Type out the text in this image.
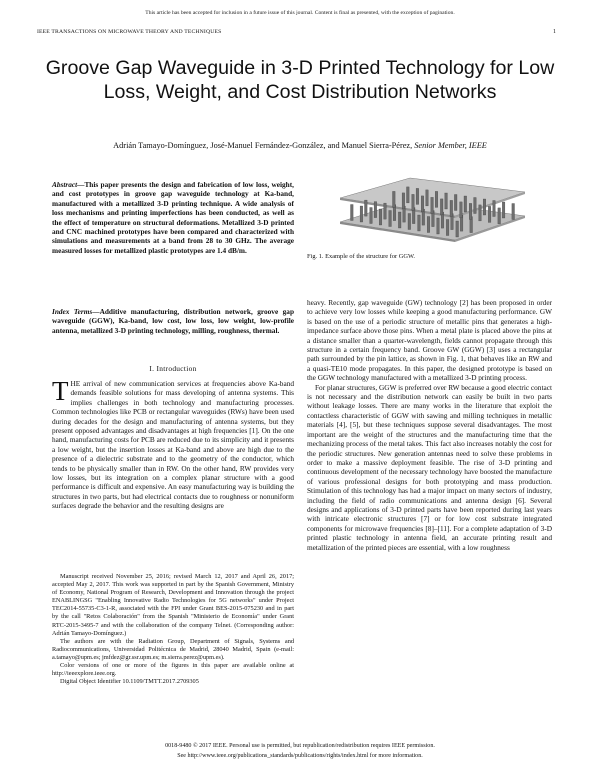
This article has been accepted for inclusion in a future issue of this journal. Content is final as presented, with the exception of pagination.
IEEE TRANSACTIONS ON MICROWAVE THEORY AND TECHNIQUES	1
Groove Gap Waveguide in 3-D Printed Technology for Low Loss, Weight, and Cost Distribution Networks
Adrián Tamayo-Domínguez, José-Manuel Fernández-González, and Manuel Sierra-Pérez, Senior Member, IEEE
Abstract—This paper presents the design and fabrication of low loss, weight, and cost prototypes in groove gap waveguide technology at Ka-band, manufactured with a metallized 3-D printing technique. A wide analysis of loss mechanisms and printing imperfections has been conducted, as well as the effect of temperature on structural deformations. Metallized 3-D printed and CNC machined prototypes have been compared and characterized with simulations and measurements at a band from 28 to 30 GHz. The average measured losses for metallized plastic prototypes are 1.4 dB/m.
Index Terms—Additive manufacturing, distribution network, groove gap waveguide (GGW), Ka-band, low cost, low loss, low weight, low-profile antenna, metallized 3-D printing technology, milling, roughness, thermal.
I. Introduction

THE arrival of new communication services at frequencies above Ka-band demands feasible solutions for mass developing of antenna systems. This implies challenges in both technology and manufacturing processes. Common technologies like PCB or rectangular waveguides (RWs) have been used during decades for the design and manufacturing of antenna systems, but they present opposed advantages and disadvantages at high frequencies [1]. On the one hand, manufacturing costs for PCB are reduced due to its simplicity and it presents a low weight, but the insertion losses at Ka-band and above are high due to the presence of a dielectric substrate and to the geometry of the conductor, which tends to be physically smaller than in RW. On the other hand, RW provides very low losses, but its integration on a complex planar structure with a good performance is difficult and expensive. An easy manufacturing way is building the structures in two parts, but had electrical contacts due to roughness or nonuniform surfaces degrade the behavior and the resulting designs are

Manuscript received November 25, 2016; revised March 12, 2017 and April 26, 2017; accepted May 2, 2017. This work was supported in part by the Spanish Government, Ministry of Economy, National Program of Research, Development and Innovation through the project ENABLINGSG "Enabling Innovative Radio Technologies for 5G networks" under Project TEC2014-55735-C3-1-R, associated with the FPI under Grant BES-2015-075230 and in part by the call "Retos Colaboración" from the Spanish "Ministerio de Economía" under Grant RTC-2015-3495-7 and with the collaboration of the company Telnet. (Corresponding author: Adrián Tamayo-Domínguez.)

The authors are with the Radiation Group, Department of Signals, Systems and Radiocommunications, Universidad Politécnica de Madrid, 28040 Madrid, Spain (e-mail: a.tamayo@upm.es; jmfdez@gr.ssr.upm.es; m.sierra.perez@upm.es).

Color versions of one or more of the figures in this paper are available online at http://ieeexplore.ieee.org.

Digital Object Identifier 10.1109/TMTT.2017.2709305

Fig. 1. Example of the structure for GGW.

heavy. Recently, gap waveguide (GW) technology [2] has been proposed in order to achieve very low losses while keeping a good manufacturing performance. GW is based on the use of a periodic structure of metallic pins that generates a high-impedance surface above those pins. When a metal plate is placed above the pins at a distance smaller than a quarter-wavelength, fields cannot propagate through this structure in a certain frequency band. Groove GW (GGW) [3] uses a rectangular path surrounded by the pin lattice, as shown in Fig. 1, that behaves like an RW and a quasi-TE10 mode propagates. In this paper, the designed prototype is based on the GGW technology manufactured with a metallized 3-D printing process.

For planar structures, GGW is preferred over RW because a good electric contact is not necessary and the distribution network can easily be built in two parts without leakage losses. There are many works in the literature that exploit the contactless characteristic of GGW with sawing and milling techniques in metallic materials [4], [5], but these techniques suppose several disadvantages. The most important are the weight of the structures and the manufacturing time that the mechanizing process of the metal takes. This fact also increases notably the cost for the periodic structures. New generation antennas need to solve these problems in order to make a massive deployment feasible. The rise of 3-D printing and continuous development of the necessary technology have boosted the manufacture of various professional designs for both prototyping and mass production. Stimulation of this technology has had a major impact on many sectors of industry, including the field of radio communications and antenna design [6]. Several designs and applications of 3-D printed parts have been reported during last years with intricate electronic structures [7] or for low cost substrate integrated components for microwave frequencies [8]–[11]. For a complete adaptation of 3-D printed plastic technology in antenna field, an accurate printing result and metallization of the printed pieces are essential, with a low roughness

0018-9480 © 2017 IEEE. Personal use is permitted, but republication/redistribution requires IEEE permission.
See http://www.ieee.org/publications_standards/publications/rights/index.html for more information.
